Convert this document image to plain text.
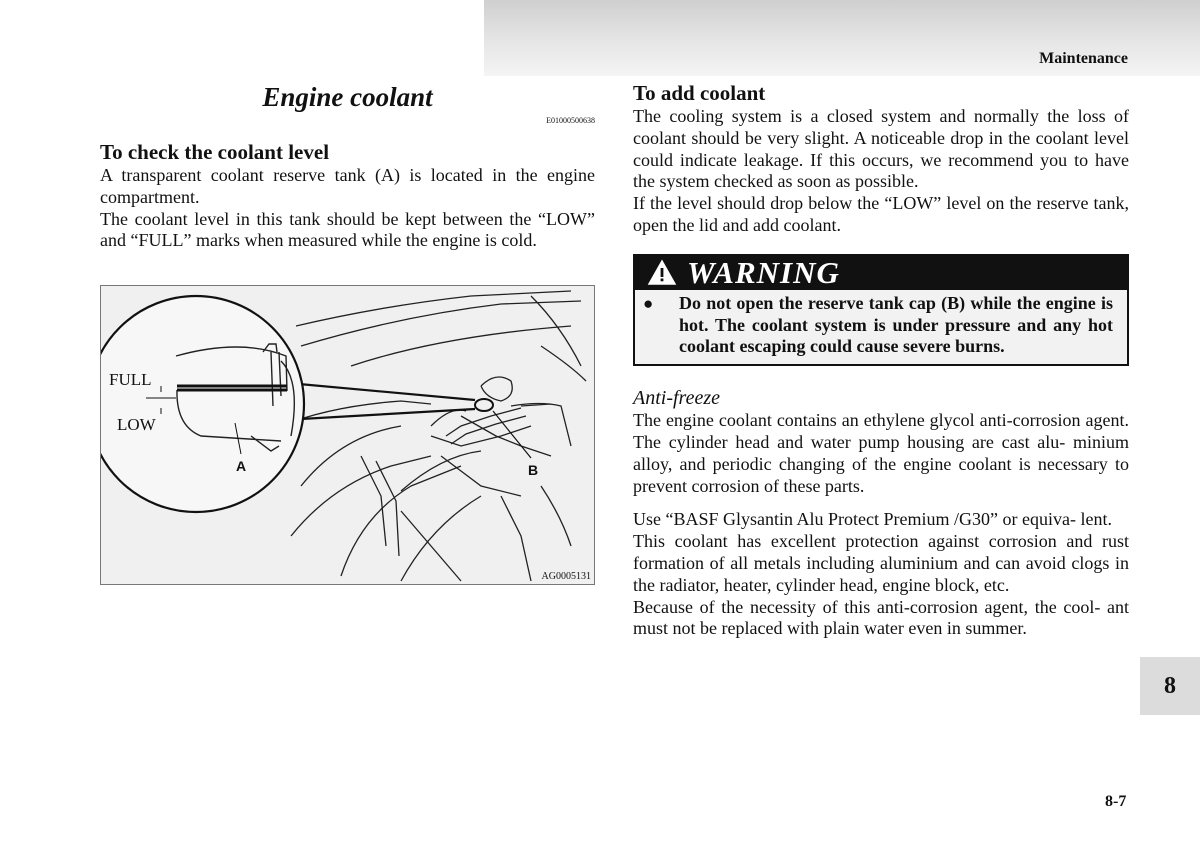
Maintenance
Engine coolant
E01000500638
To check the coolant level

A transparent coolant reserve tank (A) is located in the engine compartment.

The coolant level in this tank should be kept between the “LOW” and “FULL” marks when measured while the engine is cold.

FULL
LOW
A	B
AG0005131
To add coolant

The cooling system is a closed system and normally the loss of coolant should be very slight. A noticeable drop in the coolant level could indicate leakage. If this occurs, we recommend you to have the system checked as soon as possible.

If the level should drop below the “LOW” level on the reserve tank, open the lid and add coolant.

WARNING
●	Do not open the reserve tank cap (B) while the engine is hot. The coolant system is under pressure and any hot coolant escaping could cause severe burns.
Anti-freeze

The engine coolant contains an ethylene glycol anti-corrosion agent. The cylinder head and water pump housing are cast alu- minium alloy, and periodic changing of the engine coolant is necessary to prevent corrosion of these parts.

Use “BASF Glysantin Alu Protect Premium /G30” or equiva- lent.

This coolant has excellent protection against corrosion and rust formation of all metals including aluminium and can avoid clogs in the radiator, heater, cylinder head, engine block, etc.

Because of the necessity of this anti-corrosion agent, the cool- ant must not be replaced with plain water even in summer.

8
8-7
